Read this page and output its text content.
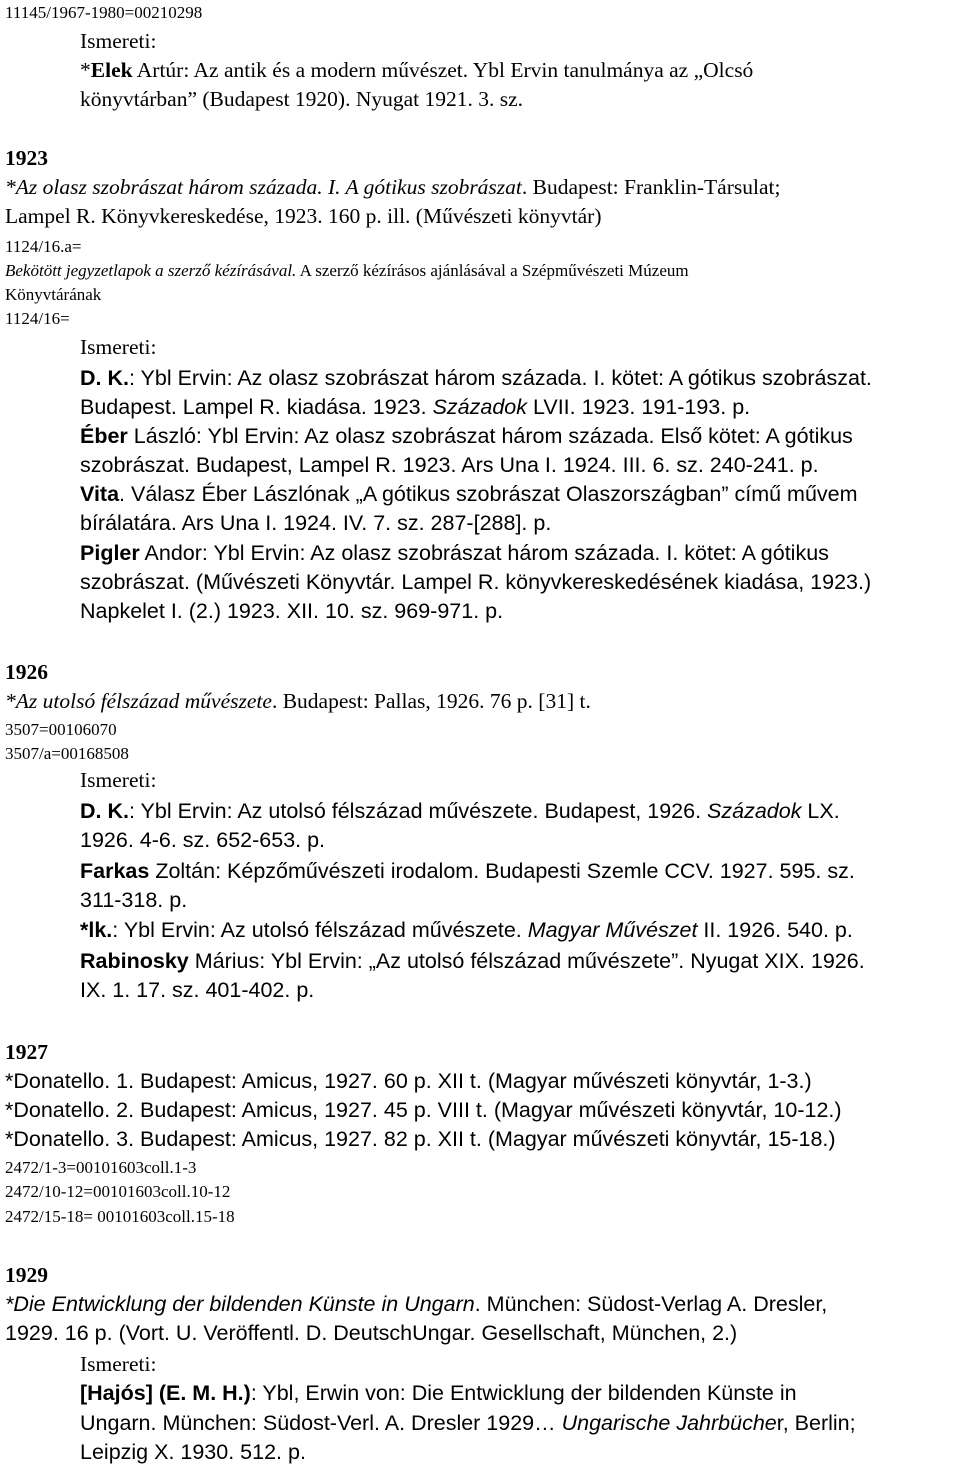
11145/1967-1980=00210298
Ismereti:
*Elek Artúr: Az antik és a modern művészet. Ybl Ervin tanulmánya az „Olcsó
könyvtárban” (Budapest 1920). Nyugat 1921. 3. sz.
1923
*Az olasz szobrászat három százada. I. A gótikus szobrászat. Budapest: Franklin-Társulat;
Lampel R. Könyvkereskedése, 1923. 160 p. ill. (Művészeti könyvtár)
1124/16.a=
Bekötött jegyzetlapok a szerző kézírásával. A szerző kézírásos ajánlásával a Szépművészeti Múzeum
Könyvtárának
1124/16=
Ismereti:
D. K.: Ybl Ervin: Az olasz szobrászat három százada. I. kötet: A gótikus szobrászat.
Budapest. Lampel R. kiadása. 1923. Századok LVII. 1923. 191-193. p.
Éber László: Ybl Ervin: Az olasz szobrászat három százada. Első kötet: A gótikus
szobrászat. Budapest, Lampel R. 1923. Ars Una I. 1924. III. 6. sz. 240-241. p.
Vita. Válasz Éber Lászlónak „A gótikus szobrászat Olaszországban” című művem
bírálatára. Ars Una I. 1924. IV. 7. sz. 287-[288]. p.
Pigler Andor: Ybl Ervin: Az olasz szobrászat három százada. I. kötet: A gótikus
szobrászat. (Művészeti Könyvtár. Lampel R. könyvkereskedésének kiadása, 1923.)
Napkelet I. (2.) 1923. XII. 10. sz. 969-971. p.
1926
*Az utolsó félszázad művészete. Budapest: Pallas, 1926. 76 p. [31] t.
3507=00106070
3507/a=00168508
Ismereti:
D. K.: Ybl Ervin: Az utolsó félszázad művészete. Budapest, 1926. Századok LX.
1926. 4-6. sz. 652-653. p.
Farkas Zoltán: Képzőművészeti irodalom. Budapesti Szemle CCV. 1927. 595. sz.
311-318. p.
*lk.: Ybl Ervin: Az utolsó félszázad művészete. Magyar Művészet II. 1926. 540. p.
Rabinosky Márius: Ybl Ervin: „Az utolsó félszázad művészete”. Nyugat XIX. 1926.
IX. 1. 17. sz. 401-402. p.
1927
*Donatello. 1. Budapest: Amicus, 1927. 60 p. XII t. (Magyar művészeti könyvtár, 1-3.)
*Donatello. 2. Budapest: Amicus, 1927. 45 p. VIII t. (Magyar művészeti könyvtár, 10-12.)
*Donatello. 3. Budapest: Amicus, 1927. 82 p. XII t. (Magyar művészeti könyvtár, 15-18.)
2472/1-3=00101603coll.1-3
2472/10-12=00101603coll.10-12
2472/15-18= 00101603coll.15-18
1929
*Die Entwicklung der bildenden Künste in Ungarn. München: Südost-Verlag A. Dresler,
1929. 16 p. (Vort. U. Veröffentl. D. DeutschUngar. Gesellschaft, München, 2.)
Ismereti:
[Hajós] (E. M. H.): Ybl, Erwin von: Die Entwicklung der bildenden Künste in
Ungarn. München: Südost-Verl. A. Dresler 1929… Ungarische Jahrbücher, Berlin;
Leipzig X. 1930. 512. p.
